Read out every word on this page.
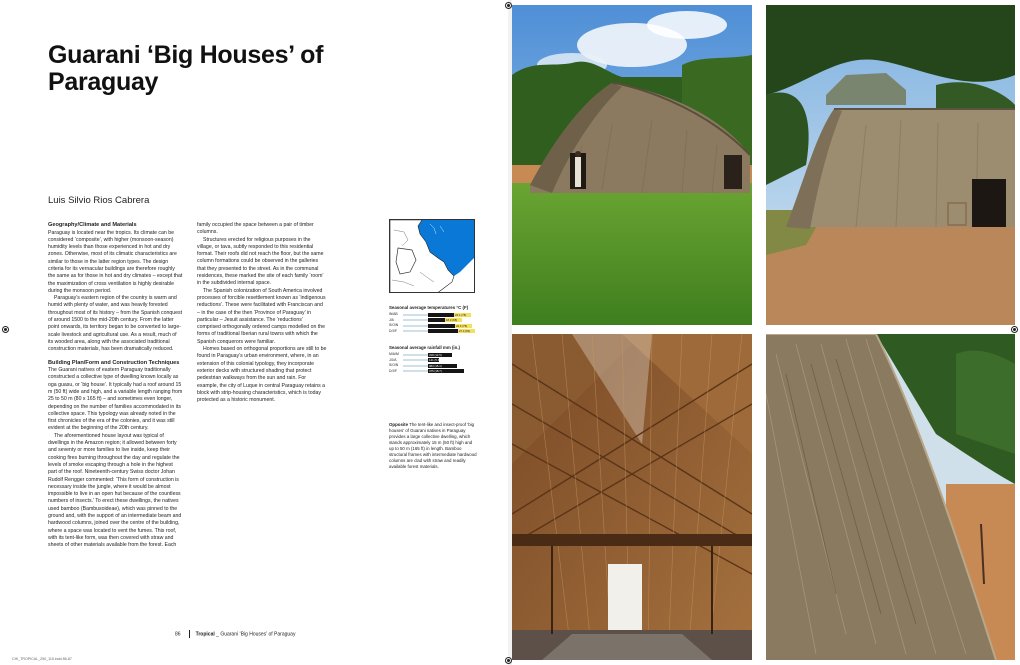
Guarani ‘Big Houses’ of Paraguay
Luis Silvio Rios Cabrera
Geography/Climate and Materials

Paraguay is located near the tropics. Its climate can be considered ‘composite’, with higher (monsoon-season) humidity levels than those experienced in hot and dry zones. Otherwise, most of its climatic characteristics are similar to those in the latter region types. The design criteria for its vernacular buildings are therefore roughly the same as for those in hot and dry climates – except that the maximization of cross ventilation is highly desirable during the monsoon period.

Paraguay’s eastern region of the country is warm and humid with plenty of water, and was heavily forested throughout most of its history – from the Spanish conquest of around 1500 to the mid-20th century. From the latter point onwards, its territory began to be converted to large-scale livestock and agricultural use. As a result, much of its wooded area, along with the associated traditional construction materials, has been dramatically reduced.

Building Plan/Form and Construction Techniques

The Guarani natives of eastern Paraguay traditionally constructed a collective type of dwelling known locally as oga guasu, or ‘big house’. It typically had a roof around 15 m (50 ft) wide and high, and a variable length ranging from 25 to 50 m (80 x 165 ft) – and sometimes even longer, depending on the number of families accommodated in its collective space. This typology was already noted in the first chronicles of the era of the colonies, and it was still evident at the beginning of the 20th century.

The aforementioned house layout was typical of dwellings in the Amazon region; it allowed between forty and seventy or more families to live inside, keep their cooking fires burning throughout the day and regulate the levels of smoke escaping through a hole in the highest part of the roof. Nineteenth-century Swiss doctor Johan Rudolf Rengger commented: ‘This form of construction is necessary inside the jungle, where it would be almost impossible to live in an open hut because of the countless numbers of insects.’ To erect these dwellings, the natives used bamboo (Bambusoideae), which was pinned to the ground and, with the support of an intermediate beam and hardwood columns, joined over the centre of the building, where a space was located to vent the fumes. This roof, with its tent-like form, was then covered with straw and sheets of other materials available from the forest. Each

family occupied the space between a pair of timber columns.

Structures erected for religious purposes in the village, or tava, subtly responded to this residential format. Their roofs did not reach the floor, but the same column formations could be observed in the galleries that they presented to the street. As in the communal residences, these marked the site of each family ‘room’ in the subdivided internal space.

The Spanish colonization of South America involved processes of forcible resettlement known as ‘indigenous reductions’. These were facilitated with Franciscan and – in the case of the then ‘Province of Paraguay’ in particular – Jesuit assistance. The ‘reductions’ comprised orthogonally ordered camps modelled on the forms of traditional Iberian rural towns with which the Spanish conquerors were familiar.

Homes based on orthogonal proportions are still to be found in Paraguay’s urban environment, where, in an extension of this colonial typology, they incorporate exterior decks with structured shading that protect pedestrian walkways from the sun and rain. For example, the city of Luque in central Paraguay retains a block with strip-housing characteristics, which is today protected as a historic monument.

Seasonal average temperatures °C (F)
W/AB	24.1 (75)
J/A	18.3 (65)
S/O/N	24.4 (76)
D/J/F	27.4 (81)
Seasonal average rainfall mm (in.)
M/A/M	318 (12.5)
J/J/A	141 (5.6)
S/O/N	383 (15.1)
D/J/F	475 (18.7)
Opposite The tent-like and insect-proof ‘big houses’ of Guarani natives in Paraguay provides a large collective dwelling, which stands approximately 15 m (50 ft) high and up to 50 m (165 ft) in length. Bamboo structural frames with intermediate hardwood columns are clad with straw and readily available forest materials.
86	Tropical _ Guarani ‘Big Houses’ of Paraguay
CHI_TROPICAL_250_115.indd 86-87
